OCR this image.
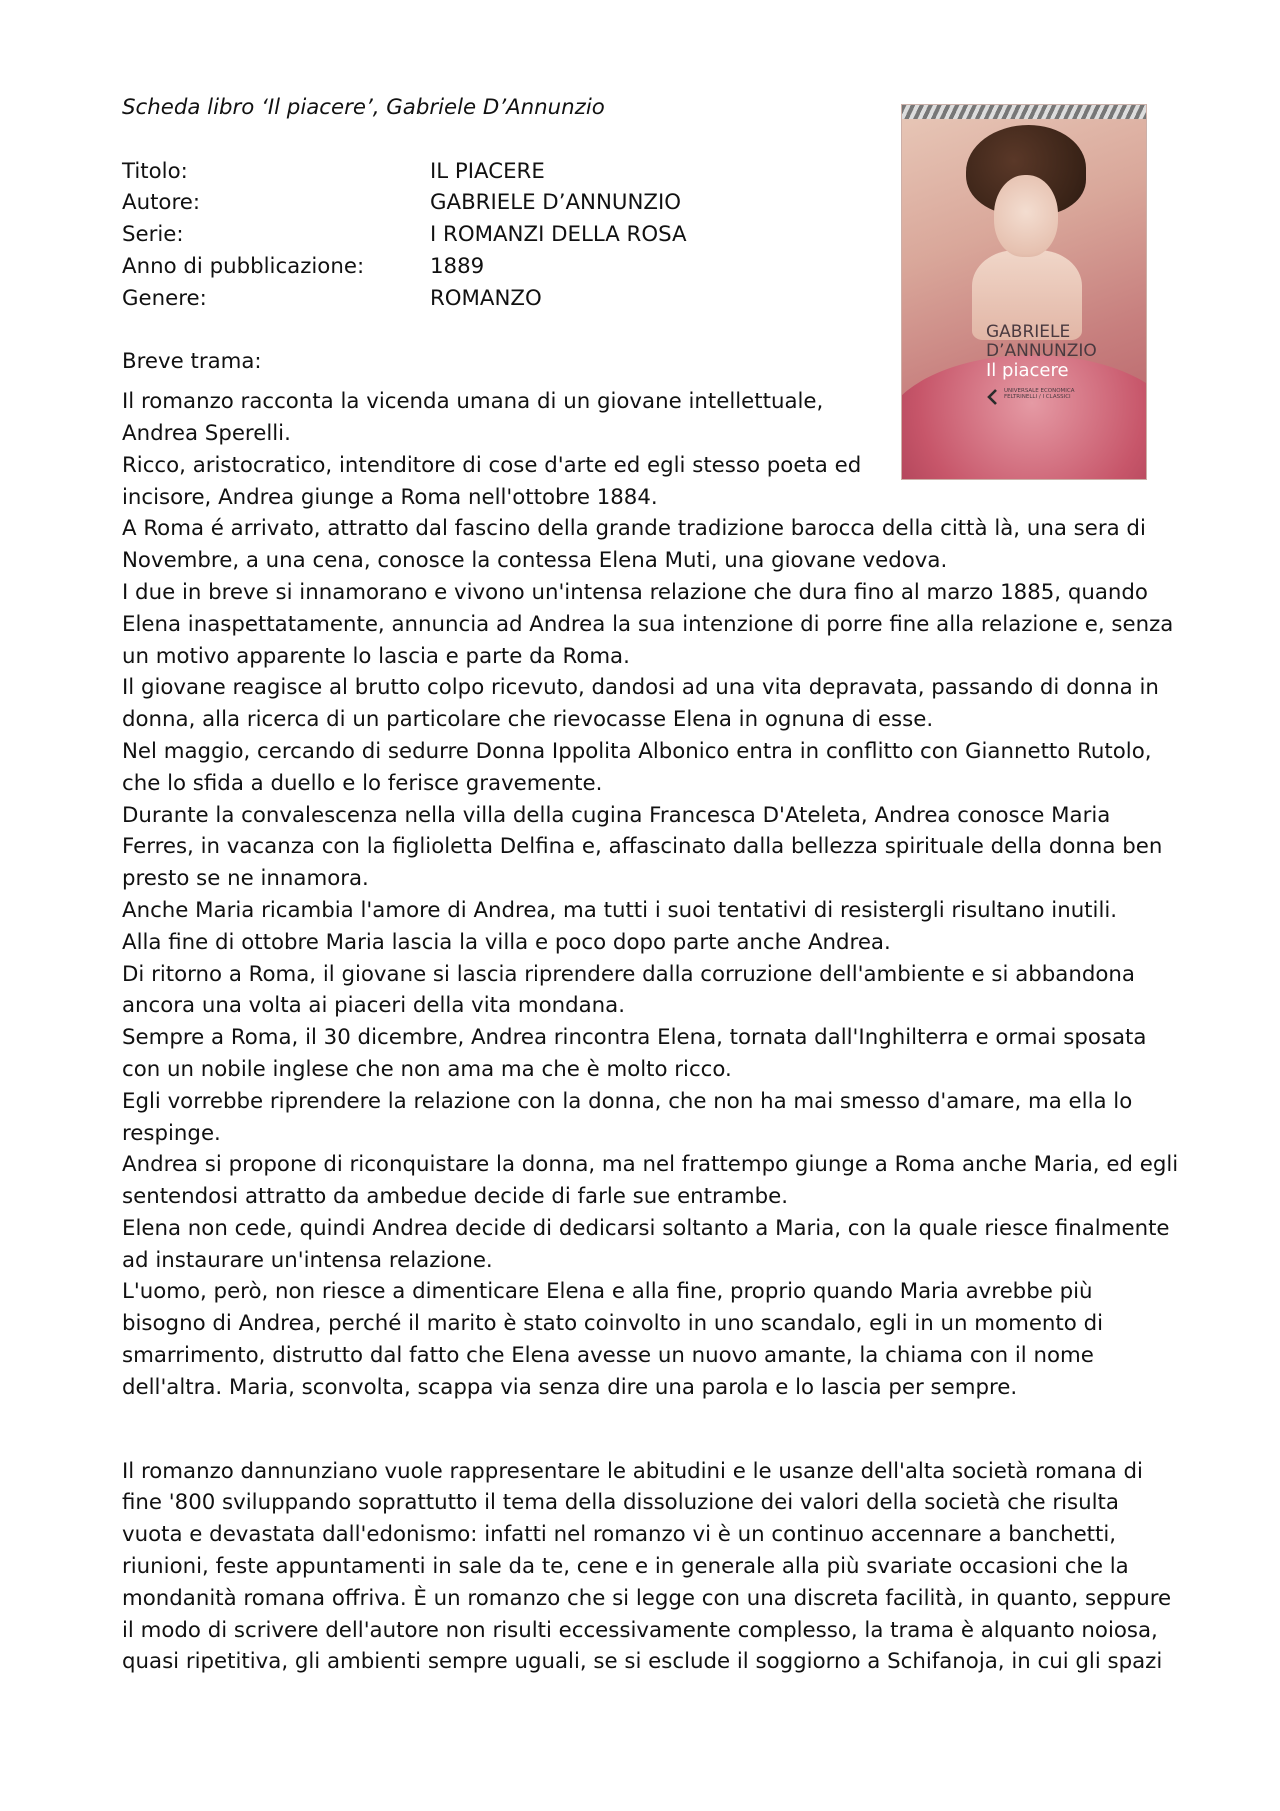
Scheda libro ‘Il piacere’, Gabriele D’Annunzio

Titolo:	IL PIACERE
Autore:	GABRIELE D’ANNUNZIO
Serie:	I ROMANZI DELLA ROSA
Anno di pubblicazione:	1889
Genere:	ROMANZO

Breve trama:

Il romanzo racconta la vicenda umana di un giovane intellettuale,

Andrea Sperelli.

Ricco, aristocratico, intenditore di cose d'arte ed egli stesso poeta ed

incisore, Andrea giunge a Roma nell'ottobre 1884.

A Roma é arrivato, attratto dal fascino della grande tradizione barocca della città là, una sera di Novembre, a una cena, conosce la contessa Elena Muti, una giovane vedova.

I due in breve si innamorano e vivono un'intensa relazione che dura fino al marzo 1885, quando Elena inaspettatamente, annuncia ad Andrea la sua intenzione di porre fine alla relazione e, senza un motivo apparente lo lascia e parte da Roma.

Il giovane reagisce al brutto colpo ricevuto, dandosi ad una vita depravata, passando di donna in donna, alla ricerca di un particolare che rievocasse Elena in ognuna di esse.

Nel maggio, cercando di sedurre Donna Ippolita Albonico entra in conflitto con Giannetto Rutolo, che lo sfida a duello e lo ferisce gravemente.

Durante la convalescenza nella villa della cugina Francesca D'Ateleta, Andrea conosce Maria Ferres, in vacanza con la figlioletta Delfina e, affascinato dalla bellezza spirituale della donna ben presto se ne innamora.

Anche Maria ricambia l'amore di Andrea, ma tutti i suoi tentativi di resistergli risultano inutili.

Alla fine di ottobre Maria lascia la villa e poco dopo parte anche Andrea.

Di ritorno a Roma, il giovane si lascia riprendere dalla corruzione dell'ambiente e si abbandona ancora una volta ai piaceri della vita mondana.

Sempre a Roma, il 30 dicembre, Andrea rincontra Elena, tornata dall'Inghilterra e ormai sposata con un nobile inglese che non ama ma che è molto ricco.

Egli vorrebbe riprendere la relazione con la donna, che non ha mai smesso d'amare, ma ella lo respinge.

Andrea si propone di riconquistare la donna, ma nel frattempo giunge a Roma anche Maria, ed egli sentendosi attratto da ambedue decide di farle sue entrambe.

Elena non cede, quindi Andrea decide di dedicarsi soltanto a Maria, con la quale riesce finalmente ad instaurare un'intensa relazione.

L'uomo, però, non riesce a dimenticare Elena e alla fine, proprio quando Maria avrebbe più bisogno di Andrea, perché il marito è stato coinvolto in uno scandalo, egli in un momento di smarrimento, distrutto dal fatto che Elena avesse un nuovo amante, la chiama con il nome dell'altra. Maria, sconvolta, scappa via senza dire una parola e lo lascia per sempre.

Il romanzo dannunziano vuole rappresentare le abitudini e le usanze dell'alta società romana di fine '800 sviluppando soprattutto il tema della dissoluzione dei valori della società che risulta vuota e devastata dall'edonismo: infatti nel romanzo vi è un continuo accennare a banchetti, riunioni, feste appuntamenti in sale da te, cene e in generale alla più svariate occasioni che la mondanità romana offriva. È un romanzo che si legge con una discreta facilità, in quanto, seppure il modo di scrivere dell'autore non risulti eccessivamente complesso, la trama è alquanto noiosa, quasi ripetitiva, gli ambienti sempre uguali, se si esclude il soggiorno a Schifanoja, in cui gli spazi

GABRIELE
D’ANNUNZIO
Il piacere
UNIVERSALE ECONOMICA FELTRINELLI / I CLASSICI
